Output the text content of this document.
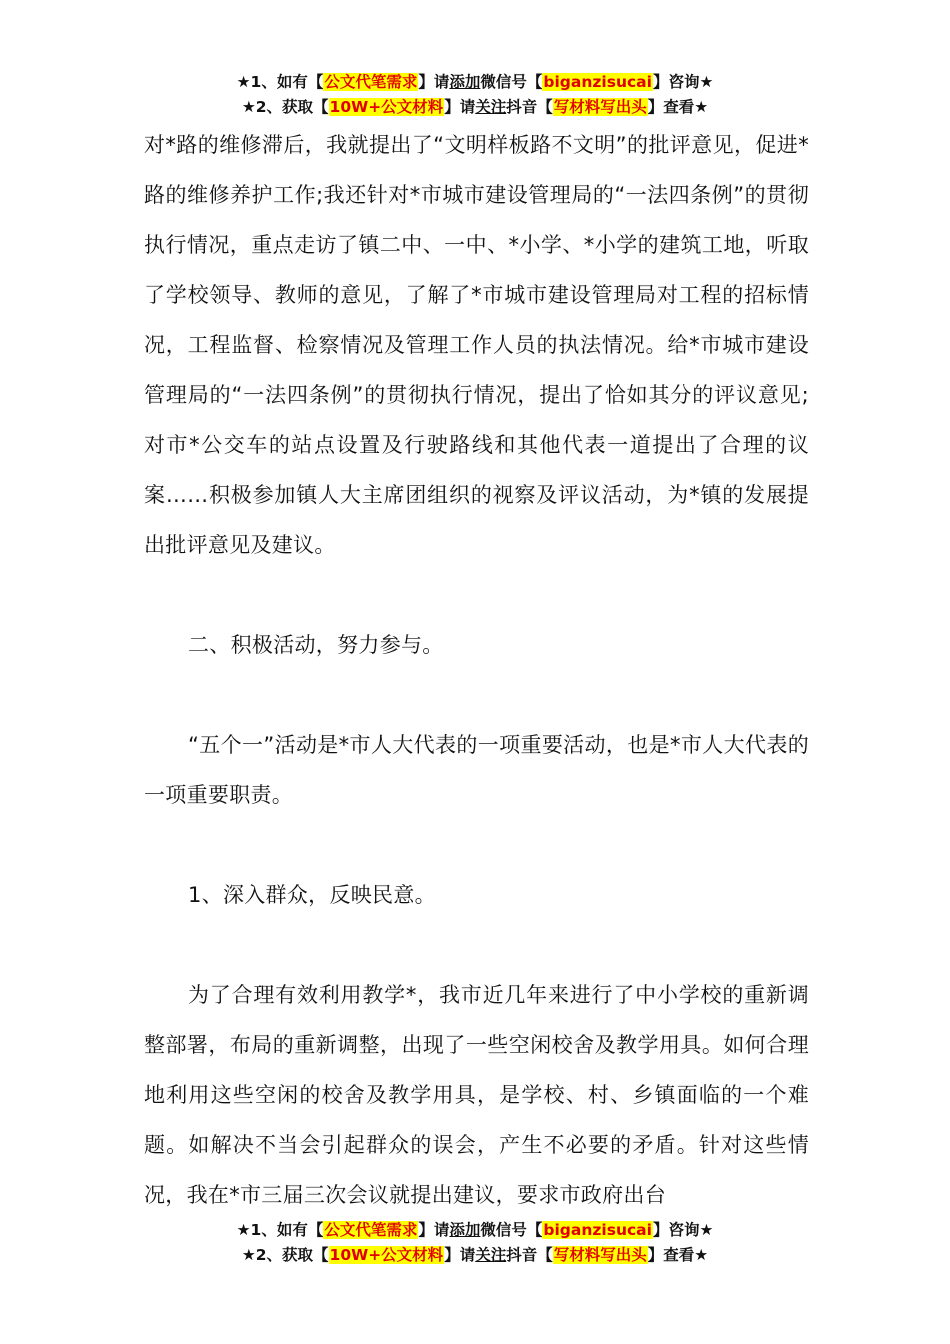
★1、如有【公文代笔需求】请添加微信号【biganzisucai】咨询★
★2、获取【10W+公文材料】请关注抖音【写材料写出头】查看★

对*路的维修滞后，我就提出了“文明样板路不文明”的批评意见，促进*路的维修养护工作;我还针对*市城市建设管理局的“一法四条例”的贯彻执行情况，重点走访了镇二中、一中、*小学、*小学的建筑工地，听取了学校领导、教师的意见，了解了*市城市建设管理局对工程的招标情况，工程监督、检察情况及管理工作人员的执法情况。给*市城市建设管理局的“一法四条例”的贯彻执行情况，提出了恰如其分的评议意见;对市*公交车的站点设置及行驶路线和其他代表一道提出了合理的议案……积极参加镇人大主席团组织的视察及评议活动，为*镇的发展提出批评意见及建议。

二、积极活动，努力参与。

“五个一”活动是*市人大代表的一项重要活动，也是*市人大代表的一项重要职责。

1、深入群众，反映民意。

为了合理有效利用教学*，我市近几年来进行了中小学校的重新调整部署，布局的重新调整，出现了一些空闲校舍及教学用具。如何合理地利用这些空闲的校舍及教学用具，是学校、村、乡镇面临的一个难题。如解决不当会引起群众的误会，产生不必要的矛盾。针对这些情况，我在*市三届三次会议就提出建议，要求市政府出台

★1、如有【公文代笔需求】请添加微信号【biganzisucai】咨询★
★2、获取【10W+公文材料】请关注抖音【写材料写出头】查看★
